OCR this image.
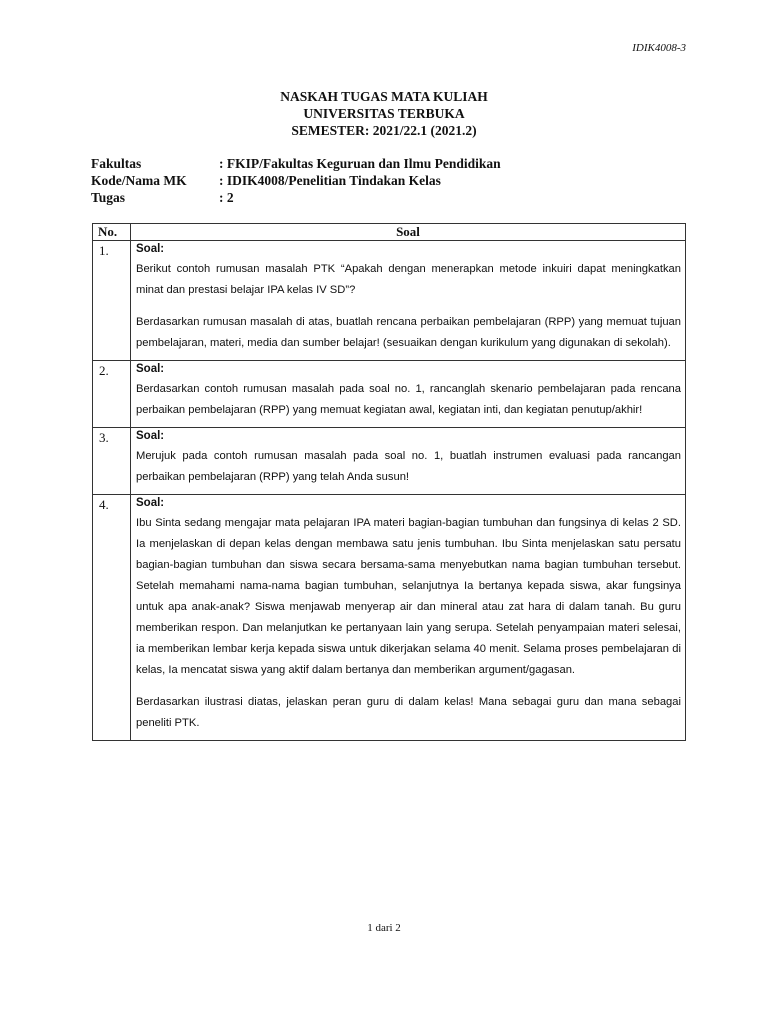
IDIK4008-3
NASKAH TUGAS MATA KULIAH
UNIVERSITAS TERBUKA
SEMESTER: 2021/22.1 (2021.2)
Fakultas	: FKIP/Fakultas Keguruan dan Ilmu Pendidikan
Kode/Nama MK	: IDIK4008/Penelitian Tindakan Kelas
Tugas	: 2
No.	Soal
1.	Soal:

Berikut contoh rumusan masalah PTK “Apakah dengan menerapkan metode inkuiri dapat meningkatkan minat dan prestasi belajar IPA kelas IV SD”?

Berdasarkan rumusan masalah di atas, buatlah rencana perbaikan pembelajaran (RPP) yang memuat tujuan pembelajaran, materi, media dan sumber belajar! (sesuaikan dengan kurikulum yang digunakan di sekolah).

2.	Soal:

Berdasarkan contoh rumusan masalah pada soal no. 1, rancanglah skenario pembelajaran pada rencana perbaikan pembelajaran (RPP) yang memuat kegiatan awal, kegiatan inti, dan kegiatan penutup/akhir!

3.	Soal:

Merujuk pada contoh rumusan masalah pada soal no. 1, buatlah instrumen evaluasi pada rancangan perbaikan pembelajaran (RPP) yang telah Anda susun!

4.	Soal:

Ibu Sinta sedang mengajar mata pelajaran IPA materi bagian-bagian tumbuhan dan fungsinya di kelas 2 SD. Ia menjelaskan di depan kelas dengan membawa satu jenis tumbuhan. Ibu Sinta menjelaskan satu persatu bagian-bagian tumbuhan dan siswa secara bersama-sama menyebutkan nama bagian tumbuhan tersebut. Setelah memahami nama-nama bagian tumbuhan, selanjutnya Ia bertanya kepada siswa, akar fungsinya untuk apa anak-anak? Siswa menjawab menyerap air dan mineral atau zat hara di dalam tanah. Bu guru memberikan respon. Dan melanjutkan ke pertanyaan lain yang serupa. Setelah penyampaian materi selesai, ia memberikan lembar kerja kepada siswa untuk dikerjakan selama 40 menit. Selama proses pembelajaran di kelas, Ia mencatat siswa yang aktif dalam bertanya dan memberikan argument/gagasan.

Berdasarkan ilustrasi diatas, jelaskan peran guru di dalam kelas! Mana sebagai guru dan mana sebagai peneliti PTK.

1 dari 2
